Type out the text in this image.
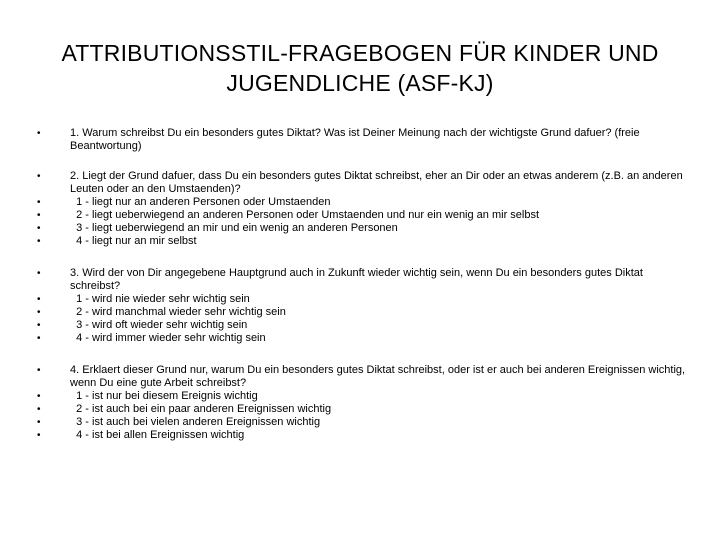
ATTRIBUTIONSSTIL-FRAGEBOGEN FÜR KINDER UND
JUGENDLICHE (ASF-KJ)
•	1. Warum schreibst Du ein besonders gutes Diktat? Was ist Deiner Meinung nach der wichtigste Grund dafuer? (freie Beantwortung)
•	2. Liegt der Grund dafuer, dass Du ein besonders gutes Diktat schreibst, eher an Dir oder an etwas anderem (z.B. an anderen Leuten oder an den Umstaenden)?
•	1 - liegt nur an anderen Personen oder Umstaenden
•	2 - liegt ueberwiegend an anderen Personen oder Umstaenden und nur ein wenig an mir selbst
•	3 - liegt ueberwiegend an mir und ein wenig an anderen Personen
•	4 - liegt nur an mir selbst
•	3. Wird der von Dir angegebene Hauptgrund auch in Zukunft wieder wichtig sein, wenn Du ein besonders gutes Diktat schreibst?
•	1 - wird nie wieder sehr wichtig sein
•	2 - wird manchmal wieder sehr wichtig sein
•	3 - wird oft wieder sehr wichtig sein
•	4 - wird immer wieder sehr wichtig sein
•	4. Erklaert dieser Grund nur, warum Du ein besonders gutes Diktat schreibst, oder ist er auch bei anderen Ereignissen wichtig, wenn Du eine gute Arbeit schreibst?
•	1 - ist nur bei diesem Ereignis wichtig
•	2 - ist auch bei ein paar anderen Ereignissen wichtig
•	3 - ist auch bei vielen anderen Ereignissen wichtig
•	4 - ist bei allen Ereignissen wichtig
